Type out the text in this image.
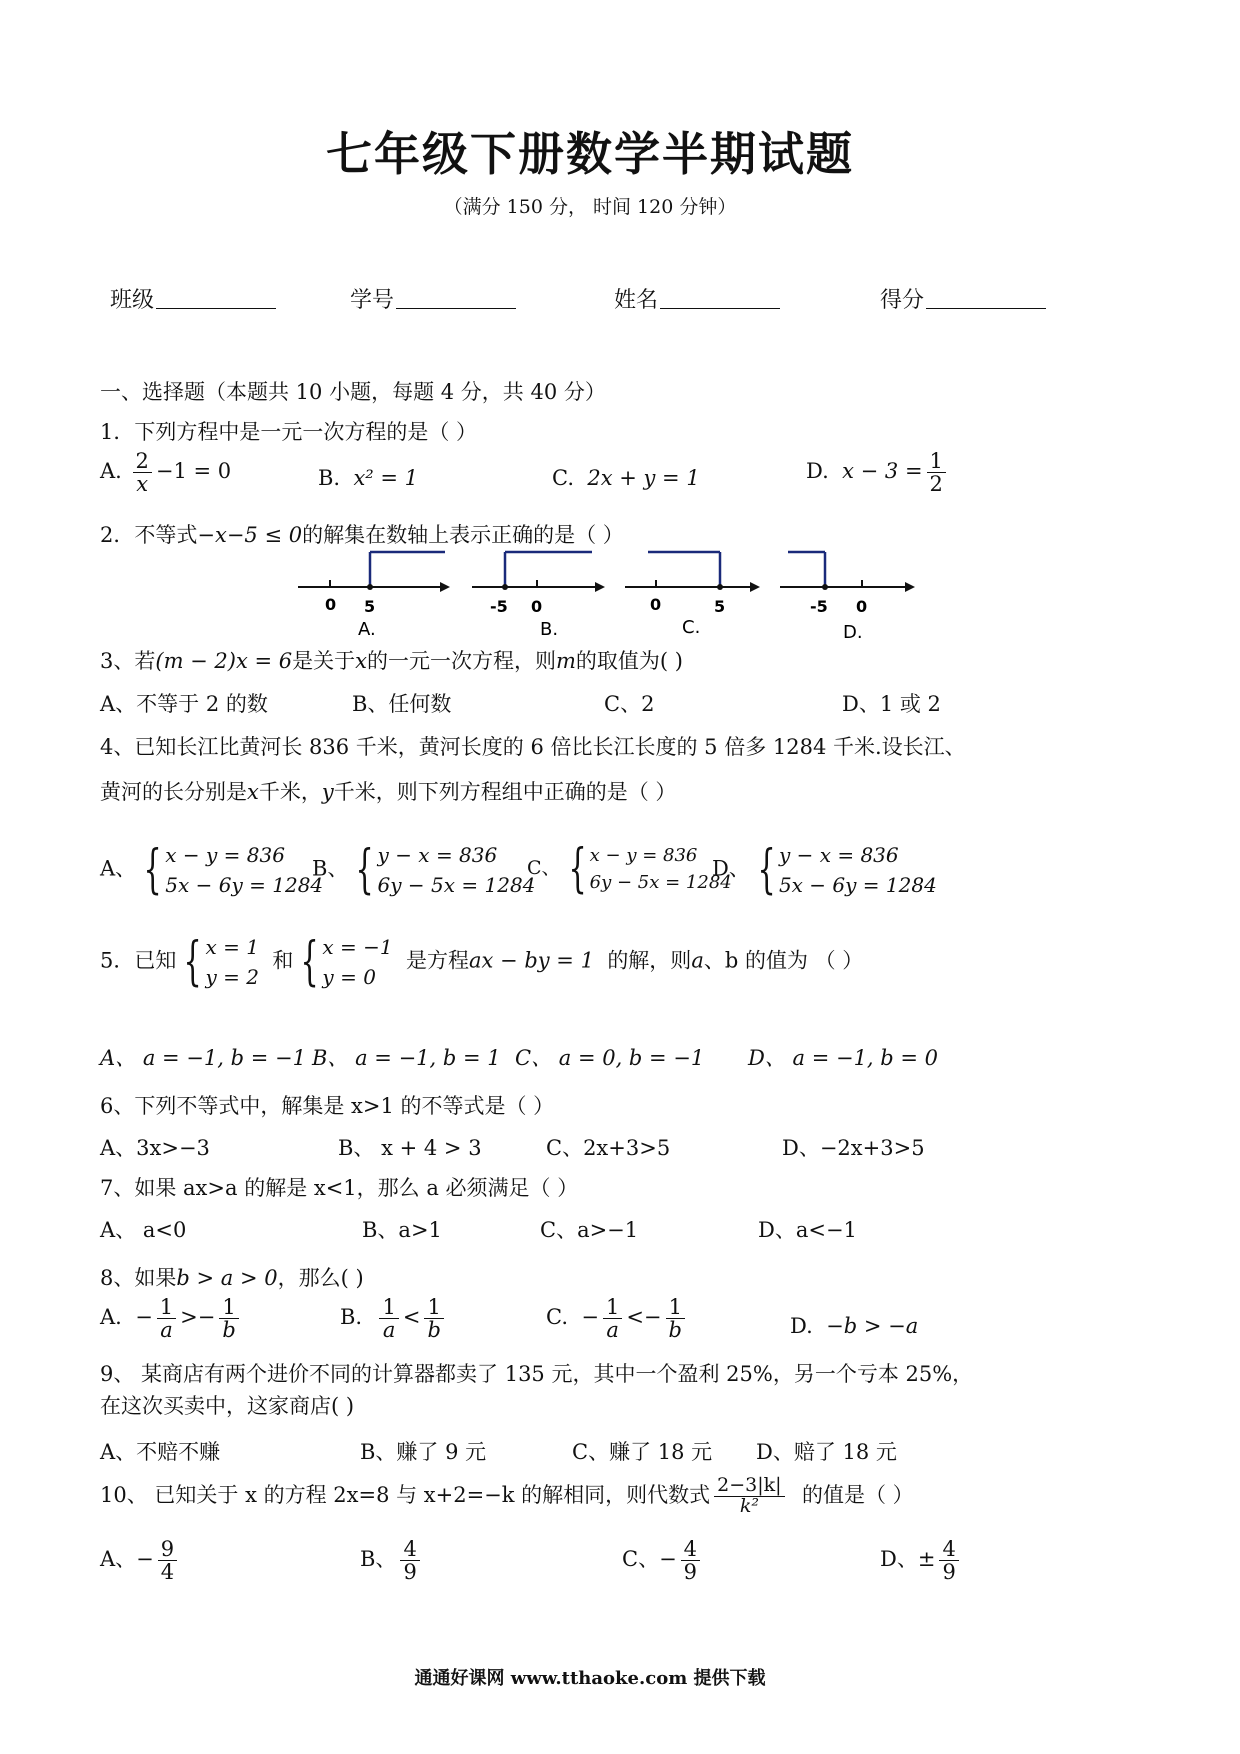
七年级下册数学半期试题
（满分 150 分， 时间 120 分钟）
班级	学号	姓名	得分
一、选择题（本题共 10 小题，每题 4 分，共 40 分）
1．下列方程中是一元一次方程的是（ ）
A. $\frac{2}{x} -1 = 0$	B. x² = 1	C. 2x + y = 1	D. $x - 3 = \frac{1}{2}$
2．不等式−x−5 ≤ 0的解集在数轴上表示正确的是（ ）
0 5
A.
-5 0
B.
0	5
C.
-5 0
D.
3、若(m − 2)x = 6是关于x的一元一次方程，则m的取值为( )
A、不等于 2 的数	B、任何数	C、2	D、1 或 2
4、已知长江比黄河长 836 千米，黄河长度的 6 倍比长江长度的 5 倍多 1284 千米.设长江、
黄河的长分别是x千米，y千米，则下列方程组中正确的是（ ）
A、 { x − y = 836
5x − 6y = 1284
B、 { y − x = 836
6y − 5x = 1284
C、 { x − y = 836
6y − 5x = 1284
D、 { y − x = 836
5x − 6y = 1284
5．已知 { x = 1
y = 2
和 { x = −1
y = 0
是方程ax − by = 1 的解，则a、b 的值为 （ ）
A、 a = −1, b = −1 B、 a = −1, b = 1 C、 a = 0, b = −1 D、 a = −1, b = 0
6、下列不等式中，解集是 x>1 的不等式是（ ）
A、3x>−3	B、 x + 4 > 3	C、2x+3>5	D、−2x+3>5
7、如果 ax>a 的解是 x<1，那么 a 必须满足（ ）
A、 a<0	B、a>1	C、a>−1	D、a<−1
8、如果b > a > 0，那么( )
A.  − $\frac{1}{a} >- \frac{1}{b}$	B. $\frac{1}{a} < \frac{1}{b}$	C.  − $\frac{1}{a} <- \frac{1}{b}$	D. −b > −a
9、 某商店有两个进价不同的计算器都卖了 135 元，其中一个盈利 25%，另一个亏本 25%，
在这次买卖中，这家商店( )
A、不赔不赚	B、赚了 9 元	C、赚了 18 元 D、赔了 18 元
10、 已知关于 x 的方程 2x=8 与 x+2=−k 的解相同，则代数式 $\frac{2-3|k|}{\text{k²}}$ 的值是（ ）
A、− $\frac{9}{4}$	B、 $\frac{4}{9}$	C、− $\frac{4}{9}$	D、± $\frac{4}{9}$
通通好课网 www.tthaoke.com 提供下载
